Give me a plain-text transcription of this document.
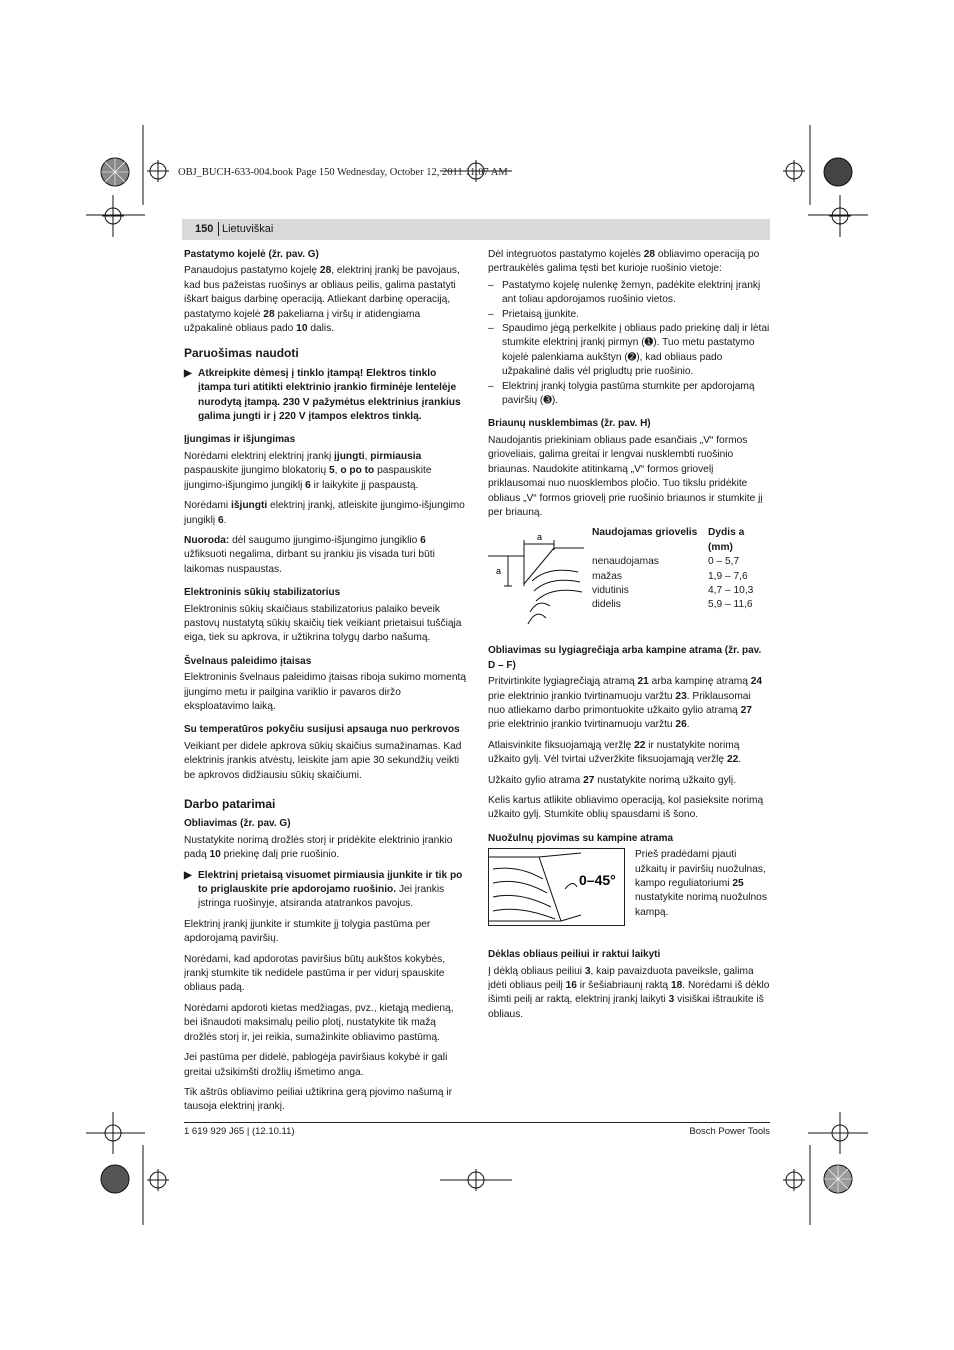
OBJ_BUCH-633-004.book Page 150 Wednesday, October 12, 2011 11:07 AM
150 Lietuviškai
Pastatymo kojelė (žr. pav. G)

Panaudojus pastatymo kojelę 28, elektrinį įrankį be pavojaus, kad bus pažeistas ruošinys ar obliaus peilis, galima pastatyti iškart baigus darbinę operaciją. Atliekant darbinę operaciją, pastatymo kojelė 28 pakeliama į viršų ir atidengiama užpakalinė obliaus pado 10 dalis.

Paruošimas naudoti
▶ Atkreipkite dėmesį į tinklo įtampą! Elektros tinklo įtampa turi atitikti elektrinio įrankio firminėje lentelėje nurodytą įtampą. 230 V pažymėtus elektrinius įrankius galima jungti ir į 220 V įtampos elektros tinklą.
Įjungimas ir išjungimas

Norėdami elektrinį elektrinį įrankį įjungti, pirmiausia paspauskite įjungimo blokatorių 5, o po to paspauskite įjungimo-išjungimo jungiklį 6 ir laikykite jį paspaustą.

Norėdami išjungti elektrinį įrankį, atleiskite įjungimo-išjungimo jungiklį 6.

Nuoroda: dėl saugumo įjungimo-išjungimo jungiklio 6 užfiksuoti negalima, dirbant su įrankiu jis visada turi būti laikomas nuspaustas.

Elektroninis sūkių stabilizatorius

Elektroninis sūkių skaičiaus stabilizatorius palaiko beveik pastovų nustatytą sūkių skaičių tiek veikiant prietaisui tuščiąja eiga, tiek su apkrova, ir užtikrina tolygų darbo našumą.

Švelnaus paleidimo įtaisas

Elektroninis švelnaus paleidimo įtaisas riboja sukimo momentą įjungimo metu ir pailgina variklio ir pavaros diržo eksploatavimo laiką.

Su temperatūros pokyčiu susijusi apsauga nuo perkrovos

Veikiant per didele apkrova sūkių skaičius sumažinamas. Kad elektrinis įrankis atvėstų, leiskite jam apie 30 sekundžių veikti be apkrovos didžiausiu sūkių skaičiumi.

Darbo patarimai
Obliavimas (žr. pav. G)

Nustatykite norimą drožlės storį ir pridėkite elektrinio įrankio padą 10 priekinę dalį prie ruošinio.

▶ Elektrinį prietaisą visuomet pirmiausia įjunkite ir tik po to priglauskite prie apdorojamo ruošinio. Jei įrankis įstringa ruošinyje, atsiranda atatrankos pavojus.

Elektrinį įrankį įjunkite ir stumkite jį tolygia pastūma per apdorojamą paviršių.

Norėdami, kad apdorotas paviršius būtų aukštos kokybės, įrankį stumkite tik nedidele pastūma ir per vidurį spauskite obliaus padą.

Norėdami apdoroti kietas medžiagas, pvz., kietąją medieną, bei išnaudoti maksimalų peilio plotį, nustatykite tik mažą drožlės storį ir, jei reikia, sumažinkite obliavimo pastūmą.

Jei pastūma per didelė, pablogėja paviršiaus kokybė ir gali greitai užsikimšti drožlių išmetimo anga.

Tik aštrūs obliavimo peiliai užtikrina gerą pjovimo našumą ir tausoja elektrinį įrankį.

Dėl integruotos pastatymo kojelės 28 obliavimo operaciją po pertraukėlės galima tęsti bet kurioje ruošinio vietoje:

– Pastatymo kojelę nulenkę žemyn, padėkite elektrinį įrankį ant toliau apdorojamos ruošinio vietos.
– Prietaisą įjunkite.
– Spaudimo jėgą perkelkite į obliaus pado priekinę dalį ir lėtai stumkite elektrinį įrankį pirmyn (➊). Tuo metu pastatymo kojelė palenkiama aukštyn (➋), kad obliaus pado užpakalinė dalis vėl prigludtų prie ruošinio.
– Elektrinį įrankį tolygia pastūma stumkite per apdorojamą paviršių (➌).
Briaunų nusklembimas (žr. pav. H)

Naudojantis priekiniam obliaus pade esančiais „V“ formos grioveliais, galima greitai ir lengvai nusklembti ruošinio briaunas. Naudokite atitinkamą „V“ formos griovelį priklausomai nuo nuosklembos pločio. Tuo tikslu pridėkite obliaus „V“ formos griovelį prie ruošinio briaunos ir stumkite jį per briauną.

a
a
Naudojamas griovelis	Dydis a (mm)
nenaudojamas	0 – 5,7
mažas	1,9 – 7,6
vidutinis	4,7 – 10,3
didelis	5,9 – 11,6
Obliavimas su lygiagrečiąja arba kampine atrama (žr. pav. D – F)

Pritvirtinkite lygiagrečiąją atramą 21 arba kampinę atramą 24 prie elektrinio įrankio tvirtinamuoju varžtu 23. Priklausomai nuo atliekamo darbo primontuokite užkaito gylio atramą 27 prie elektrinio įrankio tvirtinamuoju varžtu 26.

Atlaisvinkite fiksuojamąją veržlę 22 ir nustatykite norimą užkaito gylį. Vėl tvirtai užveržkite fiksuojamąją veržlę 22.

Užkaito gylio atrama 27 nustatykite norimą užkaito gylį.

Kelis kartus atlikite obliavimo operaciją, kol pasieksite norimą užkaito gylį. Stumkite oblių spausdami iš šono.

Nuožulnų pjovimas su kampine atrama
0–45°

Prieš pradėdami pjauti užkaitų ir paviršių nuožulnas, kampo reguliatoriumi 25 nustatykite norimą nuožulnos kampą.

Dėklas obliaus peiliui ir raktui laikyti

Į dėklą obliaus peiliui 3, kaip pavaizduota paveiksle, galima įdėti obliaus peilį 16 ir šešiabriaunį raktą 18. Norėdami iš dėklo išimti peilį ar raktą, elektrinį įrankį laikyti 3 visiškai ištraukite iš obliaus.

1 619 929 J65 | (12.10.11)	Bosch Power Tools
